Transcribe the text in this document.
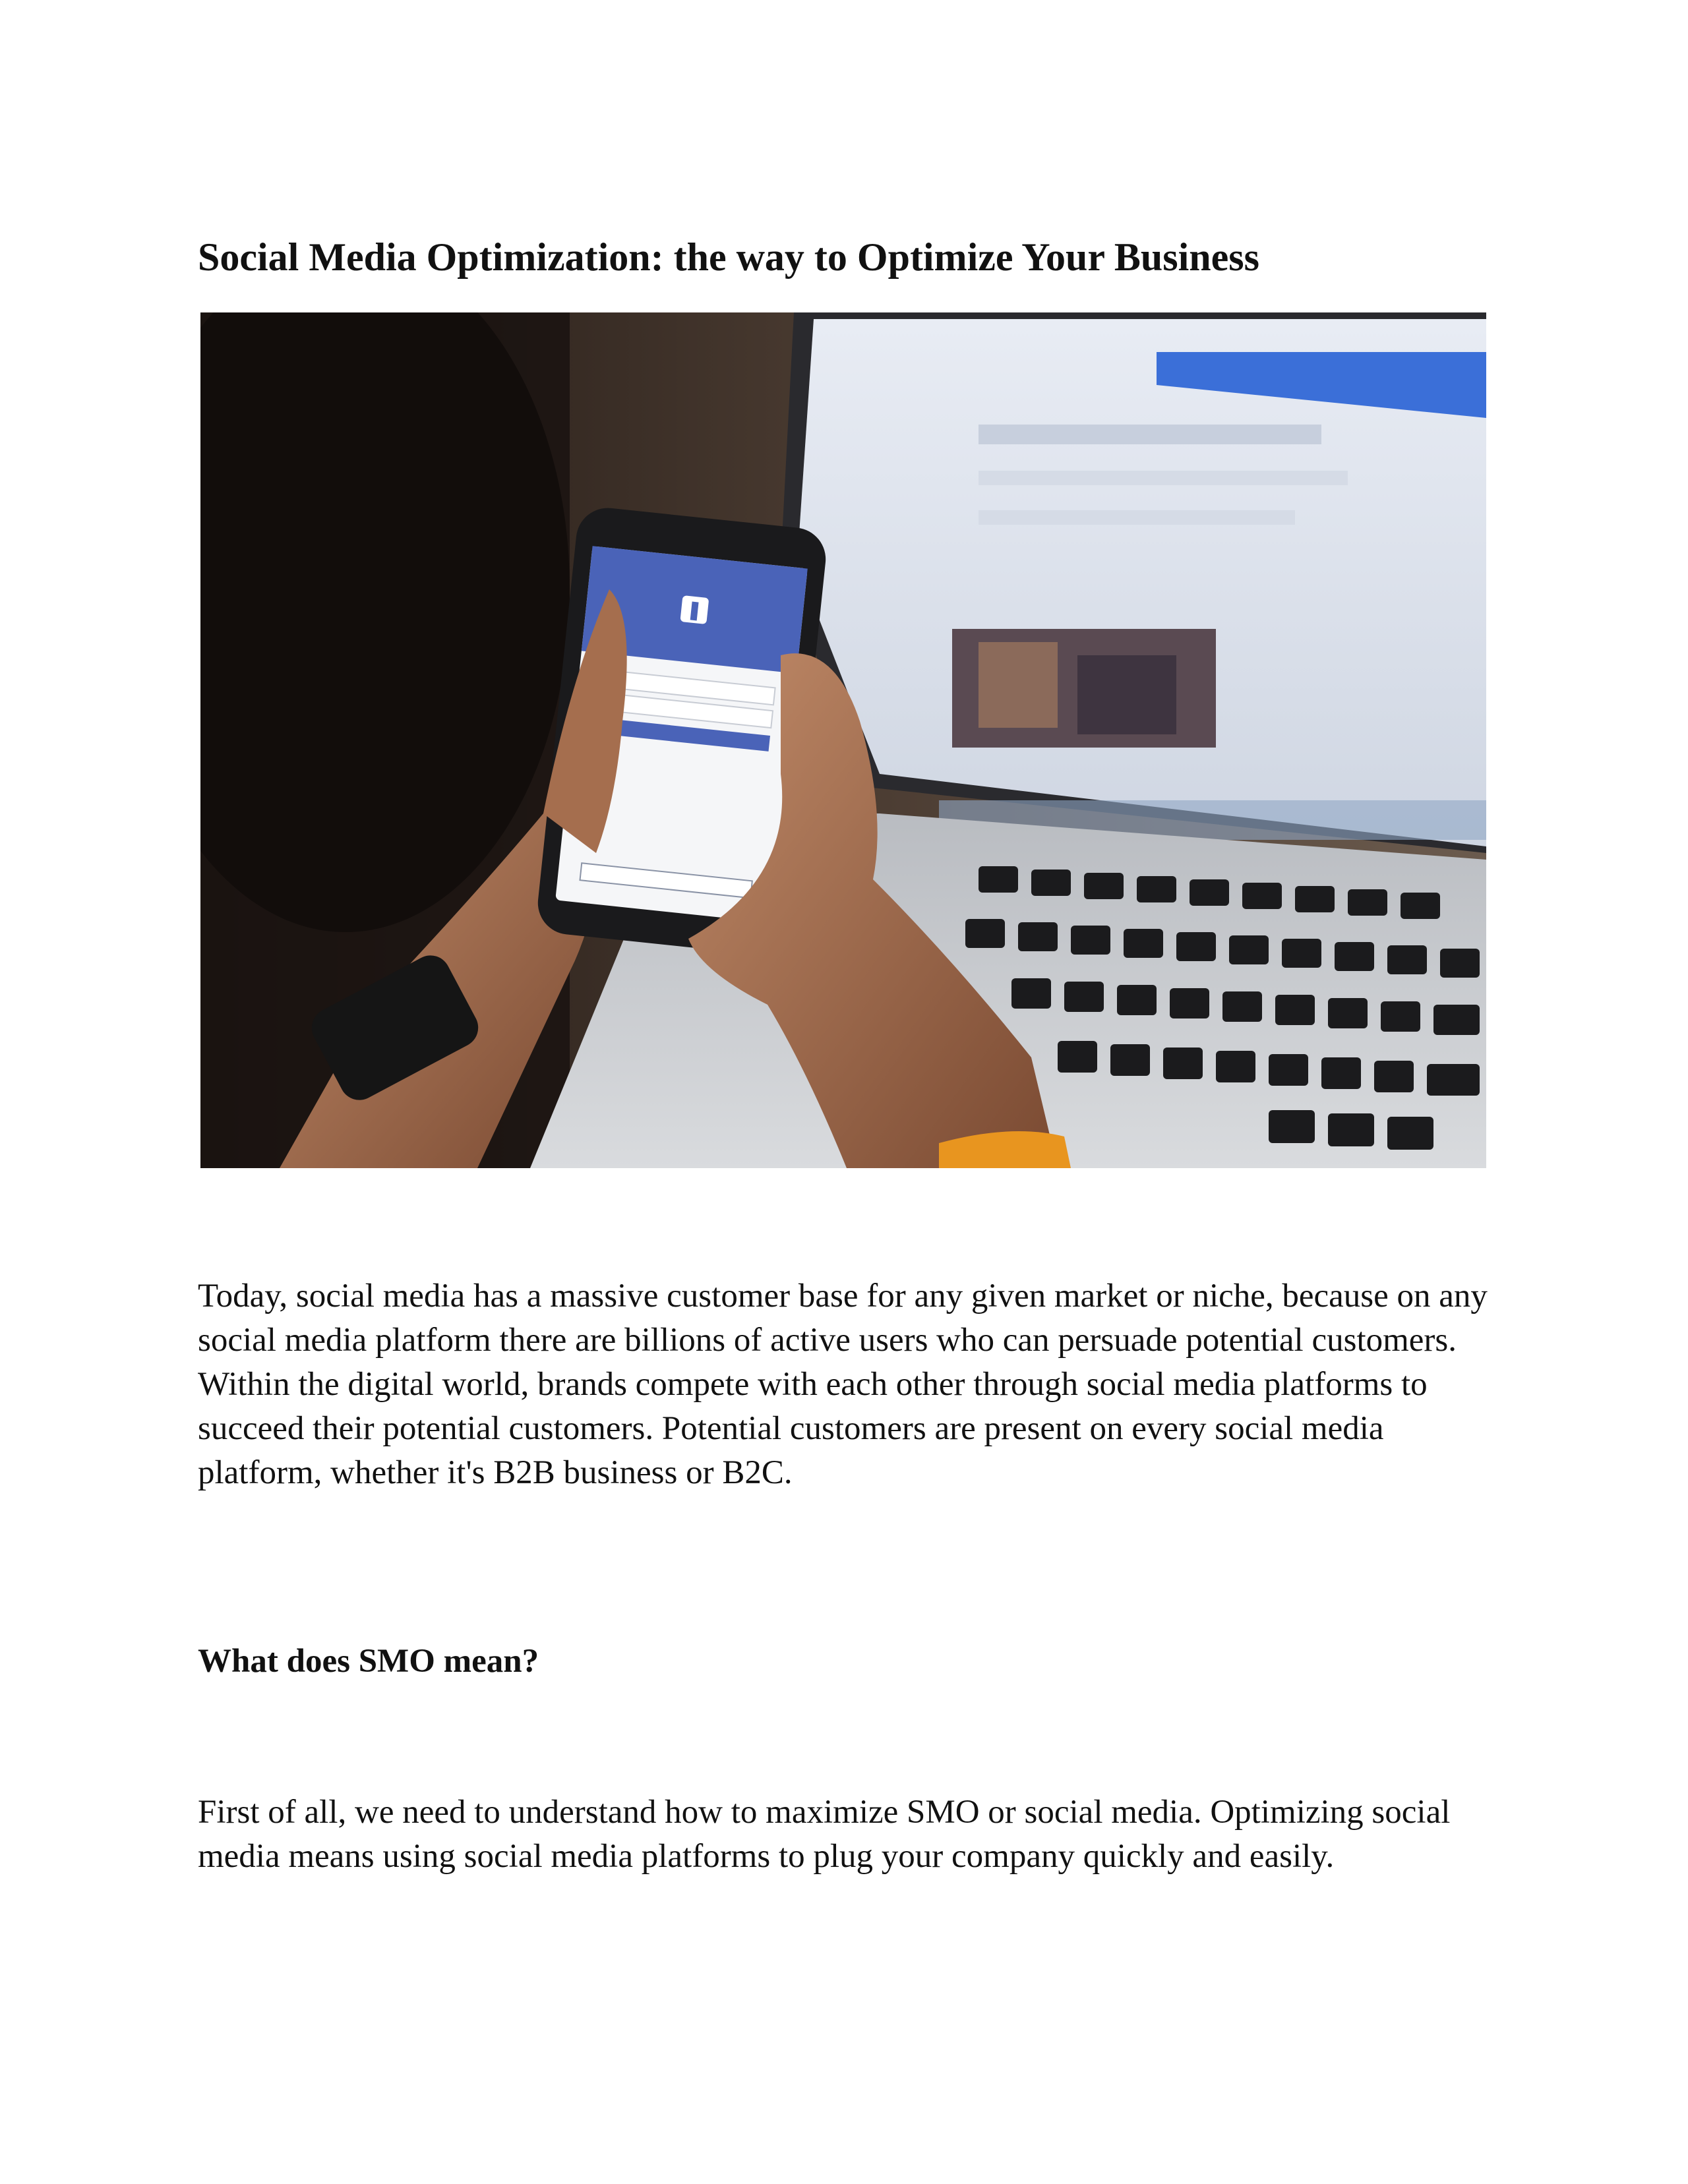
Social Media Optimization: the way to Optimize Your Business

Today, social media has a massive customer base for any given market or niche, because on any social media platform there are billions of active users who can persuade potential customers. Within the digital world, brands compete with each other through social media platforms to succeed their potential customers. Potential customers are present on every social media platform, whether it's B2B business or B2C.

What does SMO mean?

First of all, we need to understand how to maximize SMO or social media. Optimizing social media means using social media platforms to plug your company quickly and easily.
